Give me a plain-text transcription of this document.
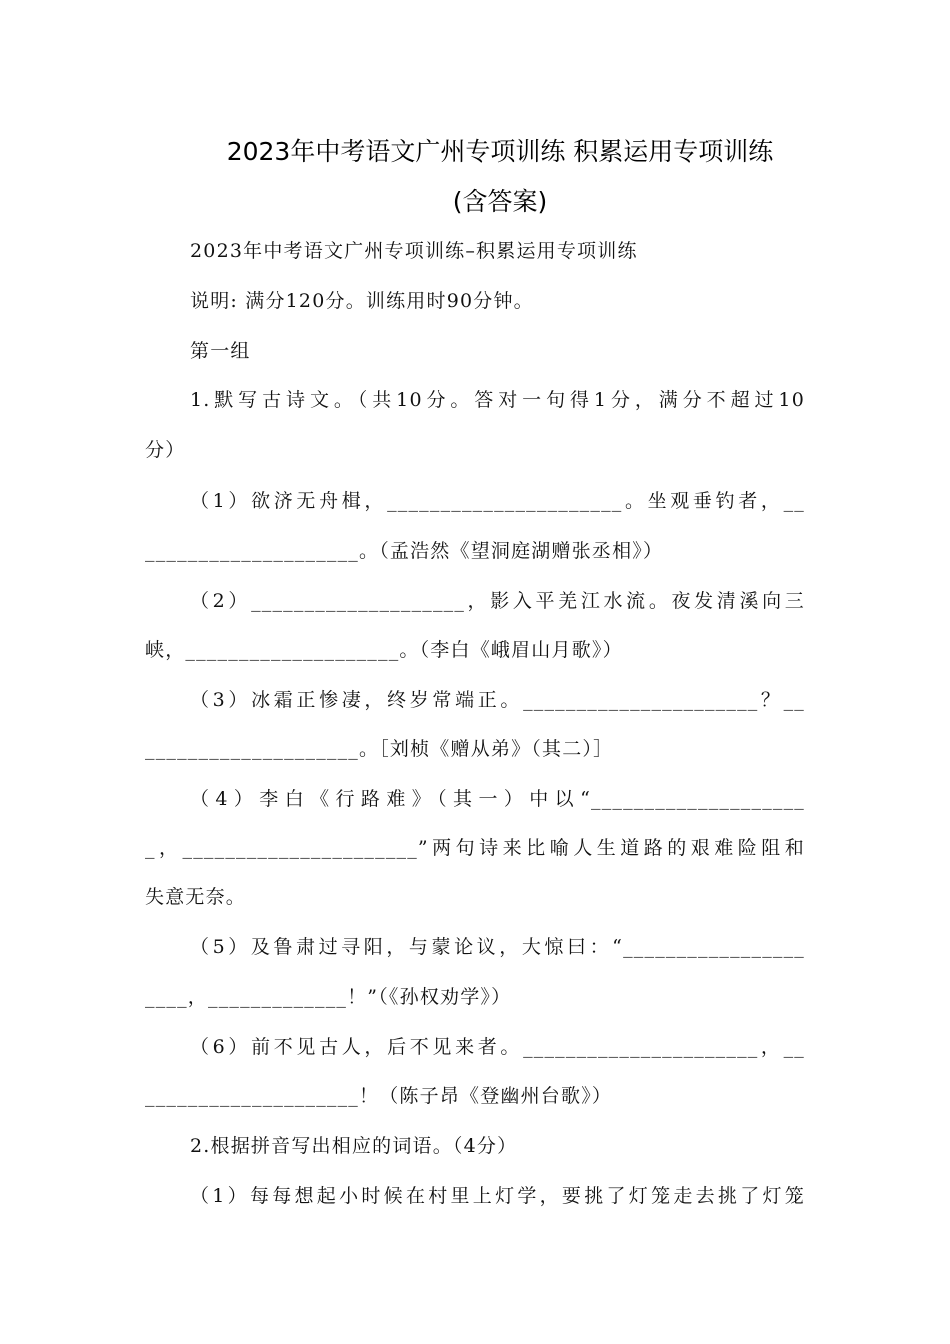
2023年中考语文广州专项训练 积累运用专项训练
(含答案)
2023年中考语文广州专项训练–积累运用专项训练
说明: 满分120分。训练用时90分钟。
第一组
1.默写古诗文。（共10分。答对一句得1分，满分不超过10
分）
（1）欲济无舟楫，______________________。坐观垂钓者，__
____________________。（孟浩然《望洞庭湖赠张丞相》）
（2）____________________，影入平羌江水流。夜发清溪向三
峡，____________________。（李白《峨眉山月歌》）
（3）冰霜正惨凄，终岁常端正。______________________？__
____________________。［刘桢《赠从弟》（其二）］
（4）李白《行路难》（其一）中以“____________________
_，______________________”两句诗来比喻人生道路的艰难险阻和
失意无奈。
（5）及鲁肃过寻阳，与蒙论议，大惊曰：“_________________
____，_____________！”（《孙权劝学》）
（6）前不见古人，后不见来者。______________________，__
____________________！（陈子昂《登幽州台歌》）
2.根据拼音写出相应的词语。（4分）
（1）每每想起小时候在村里上灯学，要挑了灯笼走去挑了灯笼
